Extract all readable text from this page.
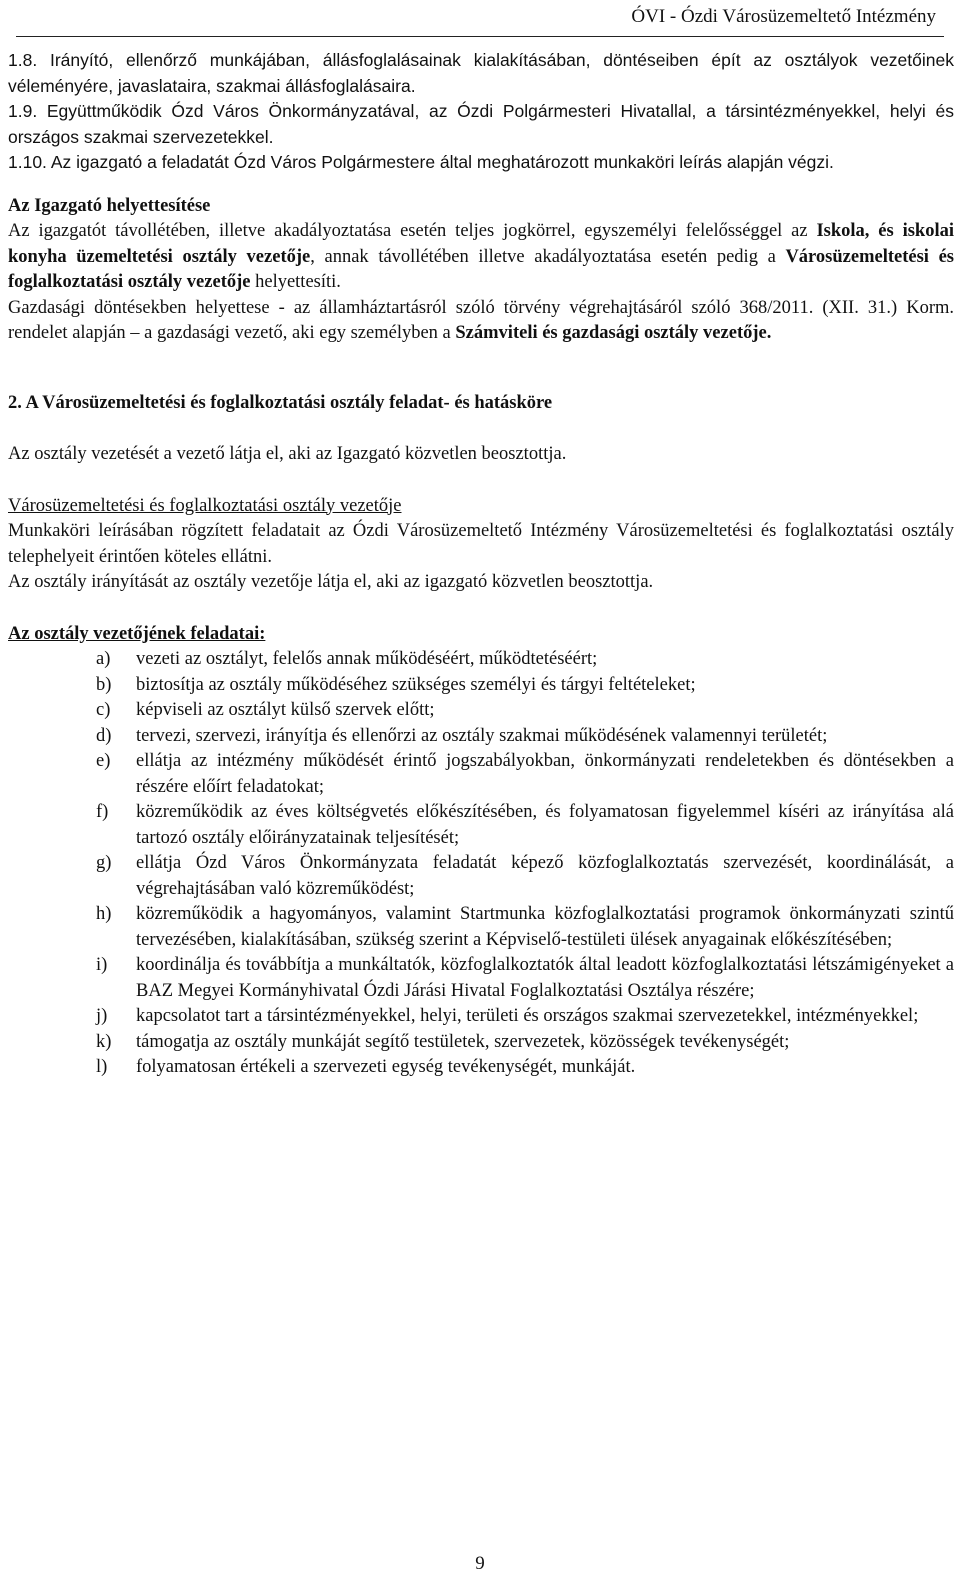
ÓVI - Ózdi Városüzemeltető Intézmény

1.8. Irányító, ellenőrző munkájában, állásfoglalásainak kialakításában, döntéseiben épít az osztályok vezetőinek véleményére, javaslataira, szakmai állásfoglalásaira.

1.9. Együttműködik Ózd Város Önkormányzatával, az Ózdi Polgármesteri Hivatallal, a társintézményekkel, helyi és országos szakmai szervezetekkel.

1.10. Az igazgató a feladatát Ózd Város Polgármestere által meghatározott munkaköri leírás alapján végzi.

Az Igazgató helyettesítése

Az igazgatót távollétében, illetve akadályoztatása esetén teljes jogkörrel, egyszemélyi felelősséggel az Iskola, és iskolai konyha üzemeltetési osztály vezetője, annak távollétében illetve akadályoztatása esetén pedig a Városüzemeltetési és foglalkoztatási osztály vezetője helyettesíti.

Gazdasági döntésekben helyettese - az államháztartásról szóló törvény végrehajtásáról szóló 368/2011. (XII. 31.) Korm. rendelet alapján – a gazdasági vezető, aki egy személyben a Számviteli és gazdasági osztály vezetője.

2. A Városüzemeltetési és foglalkoztatási osztály feladat- és hatásköre

Az osztály vezetését a vezető látja el, aki az Igazgató közvetlen beosztottja.

Városüzemeltetési és foglalkoztatási osztály vezetője

Munkaköri leírásában rögzített feladatait az Ózdi Városüzemeltető Intézmény Városüzemeltetési és foglalkoztatási osztály telephelyeit érintően köteles ellátni.

Az osztály irányítását az osztály vezetője látja el, aki az igazgató közvetlen beosztottja.

Az osztály vezetőjének feladatai:

a)	vezeti az osztályt, felelős annak működéséért, működtetéséért;
b)	biztosítja az osztály működéséhez szükséges személyi és tárgyi feltételeket;
c)	képviseli az osztályt külső szervek előtt;
d)	tervezi, szervezi, irányítja és ellenőrzi az osztály szakmai működésének valamennyi területét;
e)	ellátja az intézmény működését érintő jogszabályokban, önkormányzati rendeletekben és döntésekben a részére előírt feladatokat;
f)	közreműködik az éves költségvetés előkészítésében, és folyamatosan figyelemmel kíséri az irányítása alá tartozó osztály előirányzatainak teljesítését;
g)	ellátja Ózd Város Önkormányzata feladatát képező közfoglalkoztatás szervezését, koordinálását, a végrehajtásában való közreműködést;
h)	közreműködik a hagyományos, valamint Startmunka közfoglalkoztatási programok önkormányzati szintű tervezésében, kialakításában, szükség szerint a Képviselő-testületi ülések anyagainak előkészítésében;
i)	koordinálja és továbbítja a munkáltatók, közfoglalkoztatók által leadott közfoglalkoztatási létszámigényeket a BAZ Megyei Kormányhivatal Ózdi Járási Hivatal Foglalkoztatási Osztálya részére;
j)	kapcsolatot tart a társintézményekkel, helyi, területi és országos szakmai szervezetekkel, intézményekkel;
k)	támogatja az osztály munkáját segítő testületek, szervezetek, közösségek tevékenységét;
l)	folyamatosan értékeli a szervezeti egység tevékenységét, munkáját.
9
